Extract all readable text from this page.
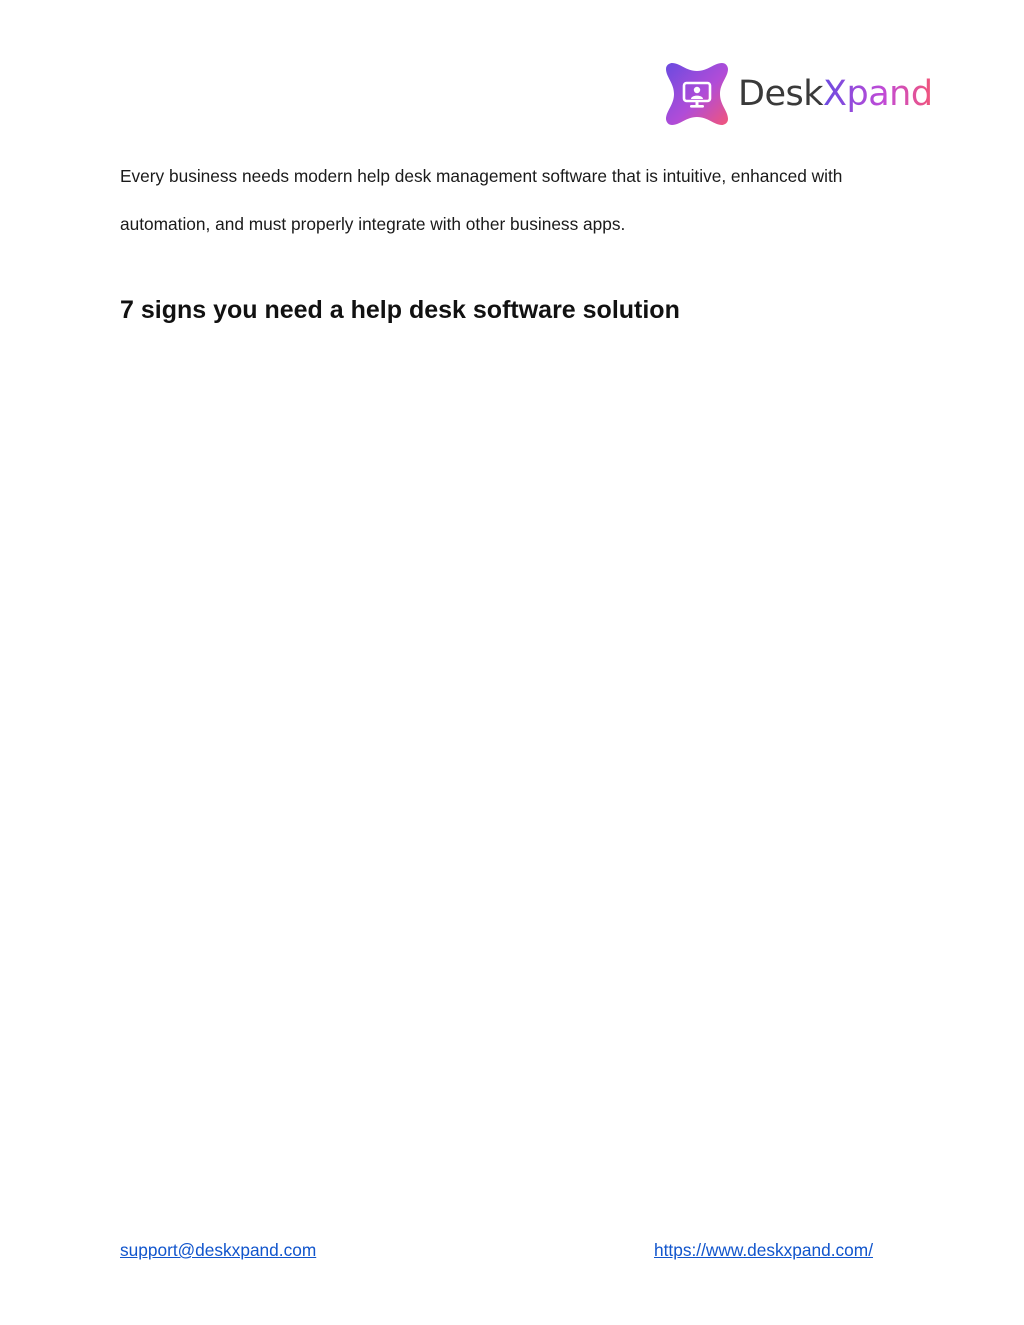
DeskXpand

Every business needs modern help desk management software that is intuitive, enhanced with automation, and must properly integrate with other business apps.

7 signs you need a help desk software solution
support@deskxpand.com	https://www.deskxpand.com/
